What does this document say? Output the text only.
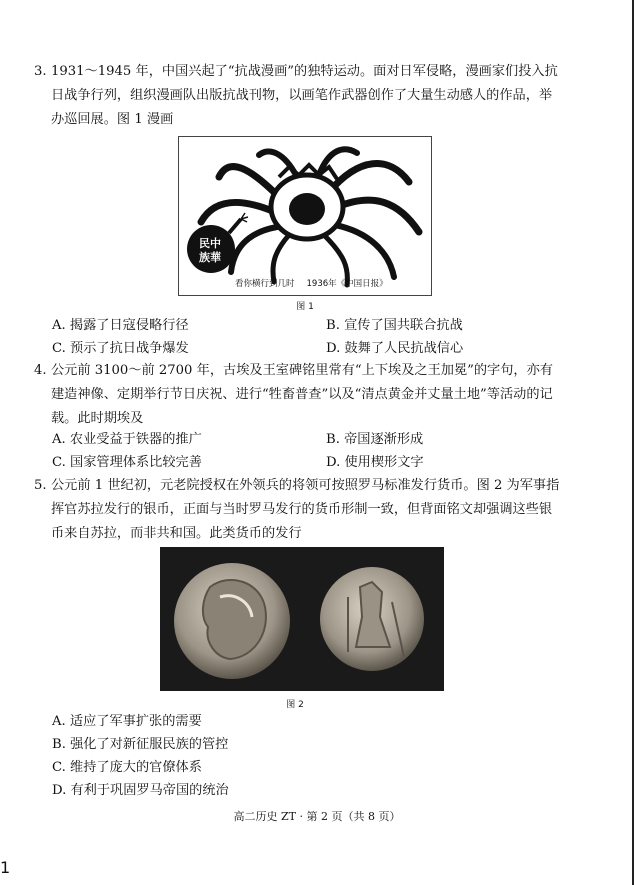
3. 1931～1945 年，中国兴起了“抗战漫画”的独特运动。面对日军侵略，漫画家们投入抗日战争行列，组织漫画队出版抗战刊物，以画笔作武器创作了大量生动感人的作品，举办巡回展。图 1 漫画
民中族華
看你横行到几时 1936年《中国日报》
图 1
A. 揭露了日寇侵略行径	B. 宣传了国共联合抗战
C. 预示了抗日战争爆发	D. 鼓舞了人民抗战信心
4. 公元前 3100～前 2700 年，古埃及王室碑铭里常有“上下埃及之王加冕”的字句，亦有建造神像、定期举行节日庆祝、进行“牲畜普查”以及“清点黄金并丈量土地”等活动的记载。此时期埃及
A. 农业受益于铁器的推广	B. 帝国逐渐形成
C. 国家管理体系比较完善	D. 使用楔形文字
5. 公元前 1 世纪初，元老院授权在外领兵的将领可按照罗马标准发行货币。图 2 为军事指挥官苏拉发行的银币，正面与当时罗马发行的货币形制一致，但背面铭文却强调这些银币来自苏拉，而非共和国。此类货币的发行
图 2
A. 适应了军事扩张的需要
B. 强化了对新征服民族的管控
C. 维持了庞大的官僚体系
D. 有利于巩固罗马帝国的统治
高二历史 ZT · 第 2 页（共 8 页）
1
